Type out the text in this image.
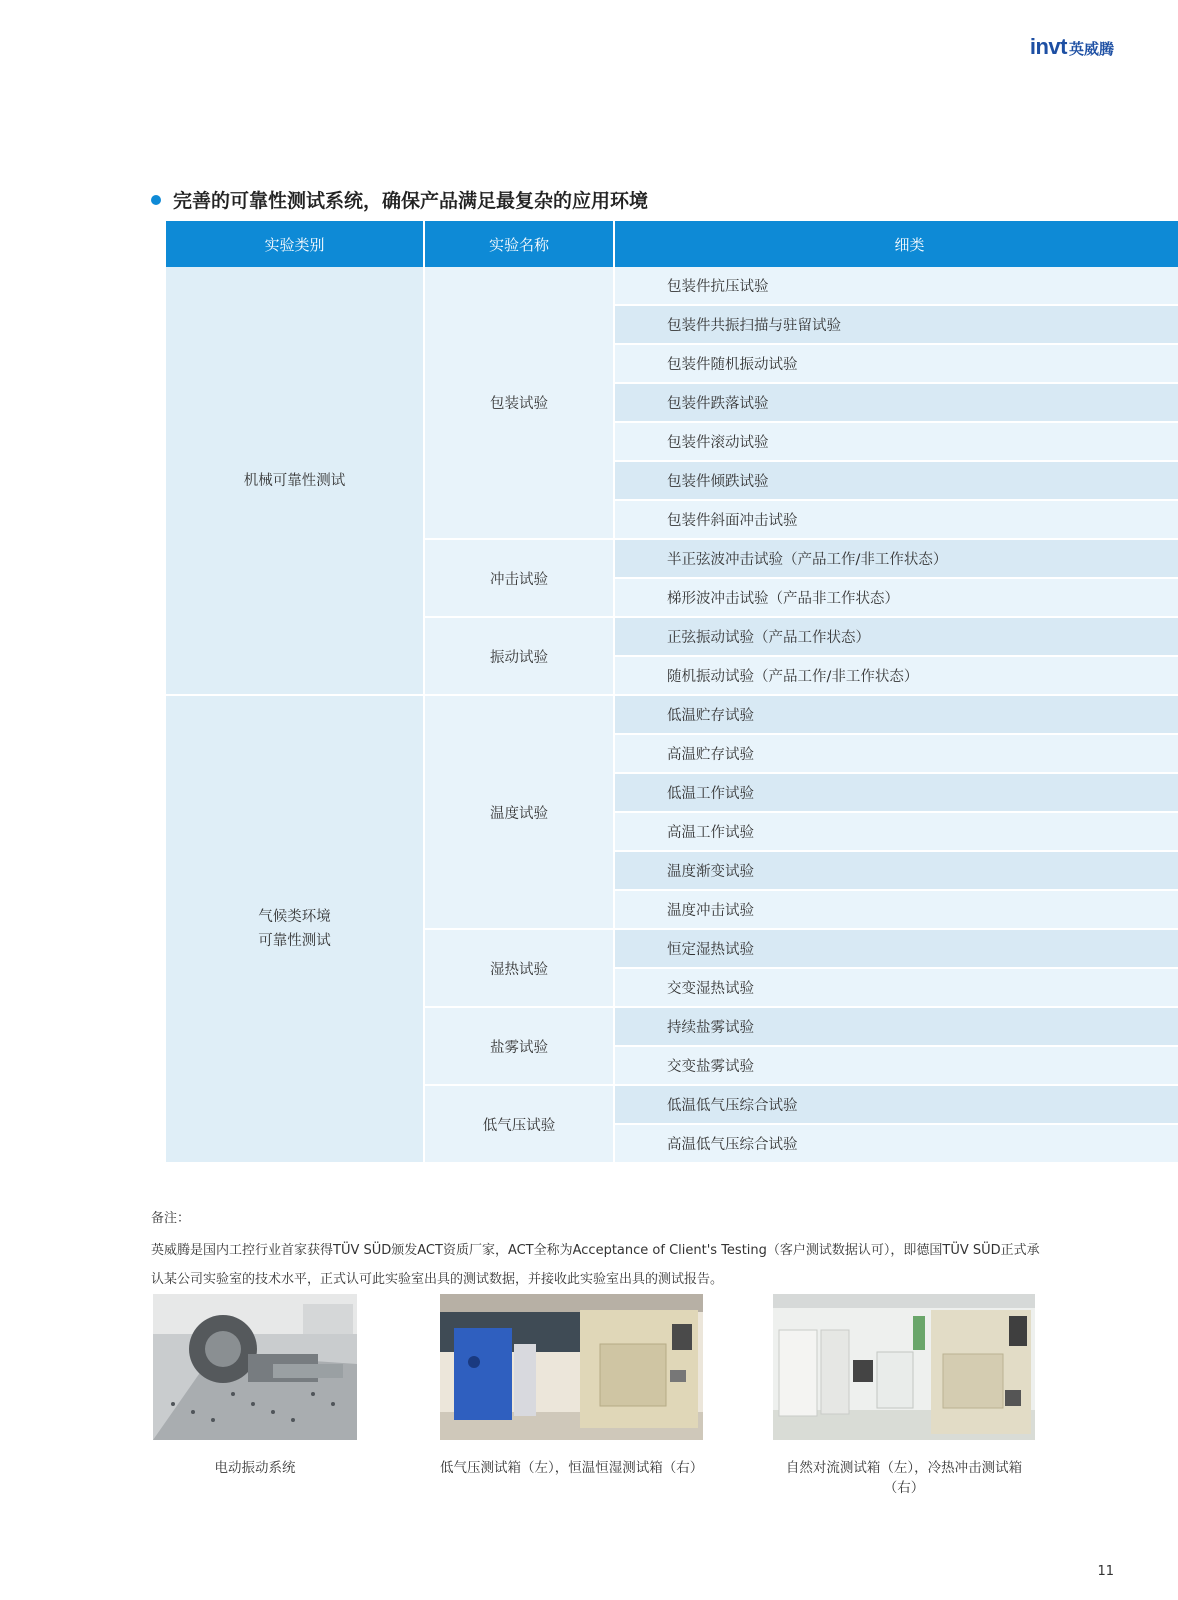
invt 英威腾
完善的可靠性测试系统，确保产品满足最复杂的应用环境
实验类别	实验名称	细类

机械可靠性测试	包装试验	包装件抗压试验
		包装件共振扫描与驻留试验
		包装件随机振动试验
		包装件跌落试验
		包装件滚动试验
		包装件倾跌试验
		包装件斜面冲击试验
	冲击试验	半正弦波冲击试验（产品工作/非工作状态）
		梯形波冲击试验（产品非工作状态）
	振动试验	正弦振动试验（产品工作状态）
		随机振动试验（产品工作/非工作状态）

气候类环境
可靠性测试	温度试验	低温贮存试验
		高温贮存试验
		低温工作试验
		高温工作试验
		温度渐变试验
		温度冲击试验
	湿热试验	恒定湿热试验
		交变湿热试验
	盐雾试验	持续盐雾试验
		交变盐雾试验
	低气压试验	低温低气压综合试验
		高温低气压综合试验
备注：
英威腾是国内工控行业首家获得TÜV SÜD颁发ACT资质厂家，ACT全称为Acceptance of Client's Testing（客户测试数据认可），即德国TÜV SÜD正式承认某公司实验室的技术水平，正式认可此实验室出具的测试数据，并接收此实验室出具的测试报告。
电动振动系统	低气压测试箱（左），恒温恒湿测试箱（右）	自然对流测试箱（左），冷热冲击测试箱（右）
11
